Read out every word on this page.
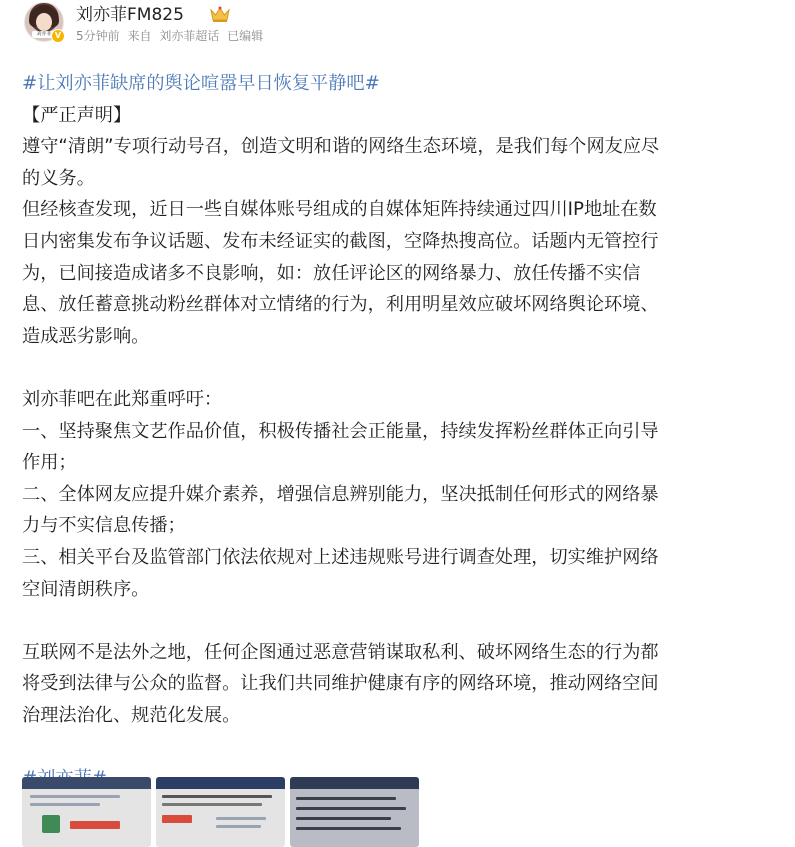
刘亦菲 V
刘亦菲FM825
5分钟前 来自 刘亦菲超话 已编辑

#让刘亦菲缺席的舆论喧嚣早日恢复平静吧#

【严正声明】

遵守“清朗”专项行动号召，创造文明和谐的网络生态环境，是我们每个网友应尽

的义务。

但经核查发现，近日一些自媒体账号组成的自媒体矩阵持续通过四川IP地址在数

日内密集发布争议话题、发布未经证实的截图，空降热搜高位。话题内无管控行

为，已间接造成诸多不良影响，如：放任评论区的网络暴力、放任传播不实信

息、放任蓄意挑动粉丝群体对立情绪的行为，利用明星效应破坏网络舆论环境、

造成恶劣影响。

刘亦菲吧在此郑重呼吁：

一、坚持聚焦文艺作品价值，积极传播社会正能量，持续发挥粉丝群体正向引导

作用；

二、全体网友应提升媒介素养，增强信息辨别能力，坚决抵制任何形式的网络暴

力与不实信息传播；

三、相关平台及监管部门依法依规对上述违规账号进行调查处理，切实维护网络

空间清朗秩序。

互联网不是法外之地，任何企图通过恶意营销谋取私利、破坏网络生态的行为都

将受到法律与公众的监督。让我们共同维护健康有序的网络环境，推动网络空间

治理法治化、规范化发展。
